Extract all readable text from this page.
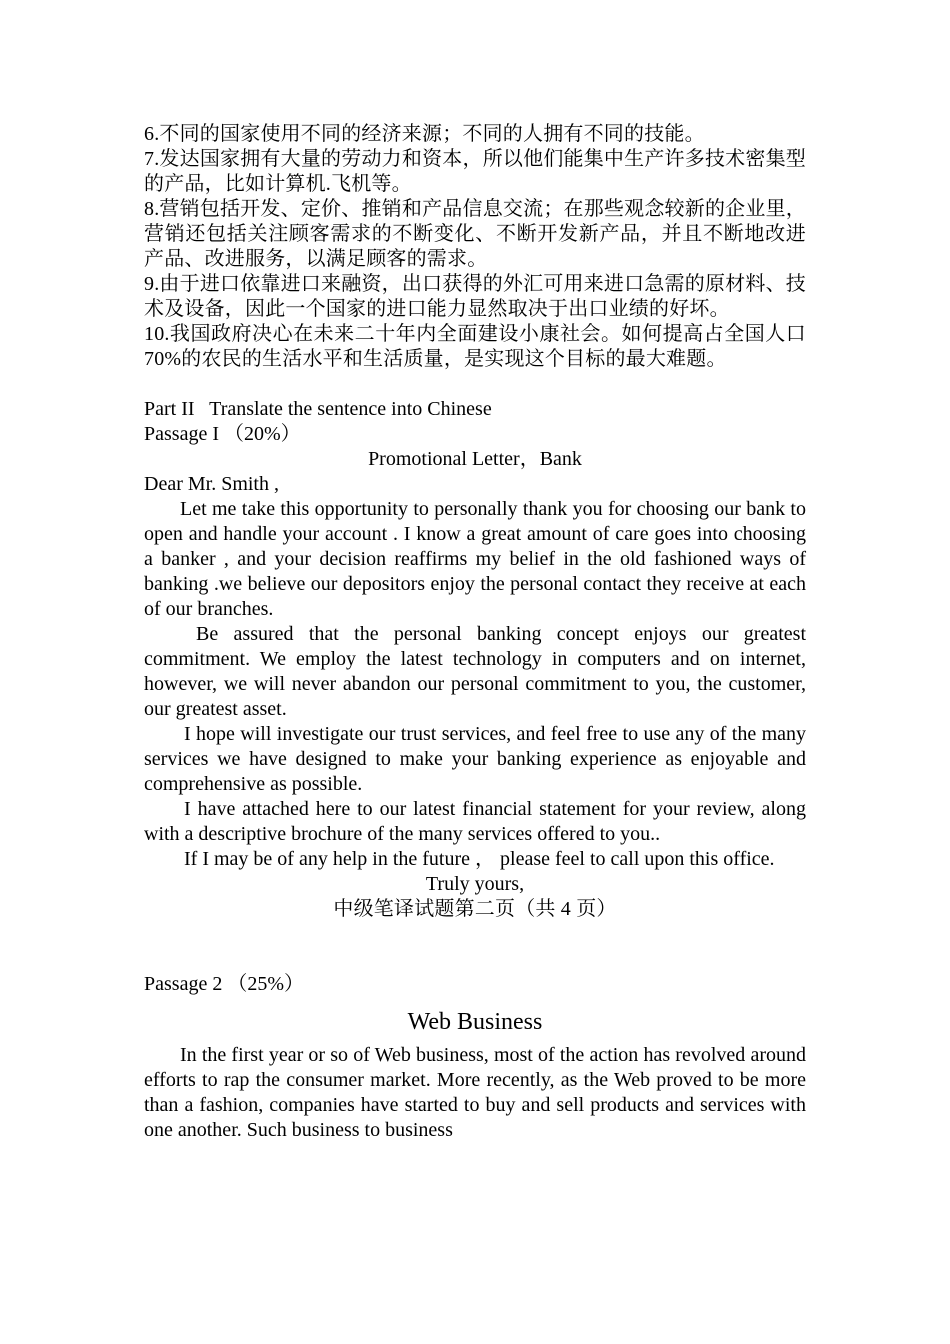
6.不同的国家使用不同的经济来源；不同的人拥有不同的技能。

7.发达国家拥有大量的劳动力和资本，所以他们能集中生产许多技术密集型的产品，比如计算机.飞机等。

8.营销包括开发、定价、推销和产品信息交流；在那些观念较新的企业里，营销还包括关注顾客需求的不断变化、不断开发新产品，并且不断地改进产品、改进服务，以满足顾客的需求。

9.由于进口依靠进口来融资，出口获得的外汇可用来进口急需的原材料、技术及设备，因此一个国家的进口能力显然取决于出口业绩的好坏。

10.我国政府决心在未来二十年内全面建设小康社会。如何提高占全国人口70%的农民的生活水平和生活质量，是实现这个目标的最大难题。

Part II   Translate the sentence into Chinese

Passage I （20%）

Promotional Letter，Bank

Dear Mr. Smith ,

Let me take this opportunity to personally thank you for choosing our bank to open and handle your account . I know a great amount of care goes into choosing a banker , and your decision reaffirms my belief in the old fashioned ways of banking .we believe our depositors enjoy the personal contact they receive at each of our branches.

Be assured that the personal banking concept enjoys our greatest commitment. We employ the latest technology in computers and on internet, however, we will never abandon our personal commitment to you, the customer, our greatest asset.

I hope will investigate our trust services, and feel free to use any of the many services we have designed to make your banking experience as enjoyable and comprehensive as possible.

I have attached here to our latest financial statement for your review, along with a descriptive brochure of the many services offered to you..

If I may be of any help in the future ， please feel to call upon this office.

Truly yours,

中级笔译试题第二页（共 4 页）

Passage 2 （25%）

Web Business

In the first year or so of Web business, most of the action has revolved around efforts to rap the consumer market. More recently, as the Web proved to be more than a fashion, companies have started to buy and sell products and services with one another. Such business to business
